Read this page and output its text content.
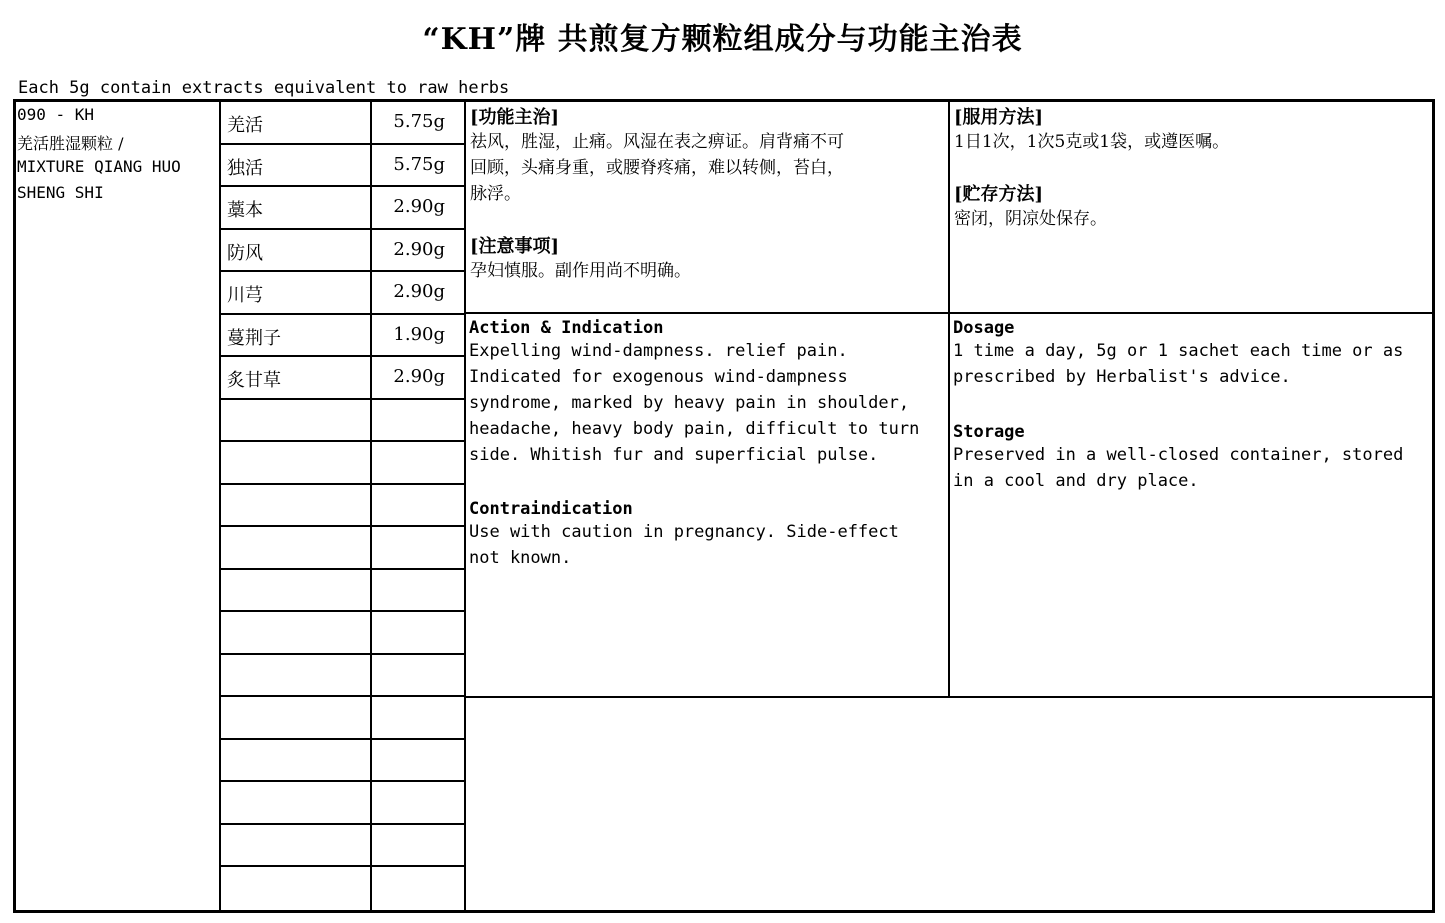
“KH”牌 共煎复方颗粒组成分与功能主治表
Each 5g contain extracts equivalent to raw herbs
090 - KH
羌活胜湿颗粒 /
MIXTURE QIANG HUO
SHENG SHI
羌活	5.75g
独活	5.75g
藁本	2.90g
防风	2.90g
川芎	2.90g
蔓荆子	1.90g
炙甘草	2.90g
[功能主治]
祛风，胜湿，止痛。风湿在表之痹证。肩背痛不可
回顾，头痛身重，或腰脊疼痛，难以转侧，苔白，
脉浮。
[注意事项]
孕妇慎服。副作用尚不明确。
[服用方法]
1日1次，1次5克或1袋，或遵医嘱。
[贮存方法]
密闭，阴凉处保存。
Action & Indication
Expelling wind-dampness. relief pain.
Indicated for exogenous wind-dampness
syndrome, marked by heavy pain in shoulder,
headache, heavy body pain, difficult to turn
side. Whitish fur and superficial pulse.
Contraindication
Use with caution in pregnancy. Side-effect
not known.
Dosage
1 time a day, 5g or 1 sachet each time or as
prescribed by Herbalist's advice.
Storage
Preserved in a well-closed container, stored
in a cool and dry place.
